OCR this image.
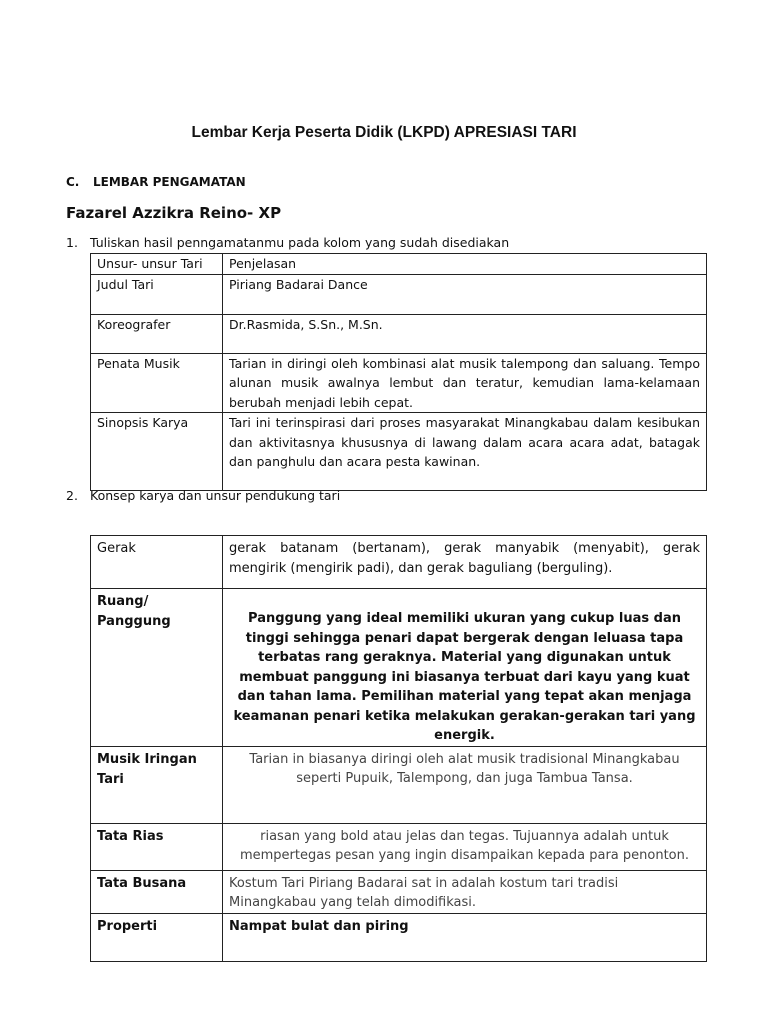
Lembar Kerja Peserta Didik (LKPD) APRESIASI TARI
C. LEMBAR PENGAMATAN
Fazarel Azzikra Reino- XP
1. Tuliskan hasil penngamatanmu pada kolom yang sudah disediakan
Unsur- unsur Tari	Penjelasan
Judul Tari	Piriang Badarai Dance
Koreografer	Dr.Rasmida, S.Sn., M.Sn.
Penata Musik	Tarian in diringi oleh kombinasi alat musik talempong dan saluang. Tempo alunan musik awalnya lembut dan teratur, kemudian lama-kelamaan berubah menjadi lebih cepat.
Sinopsis Karya	Tari ini terinspirasi dari proses masyarakat Minangkabau dalam kesibukan dan aktivitasnya khususnya di lawang dalam acara acara adat, batagak dan panghulu dan acara pesta kawinan.
2. Konsep karya dan unsur pendukung tari
Gerak	gerak batanam (bertanam), gerak manyabik (menyabit), gerak mengirik (mengirik padi), dan gerak baguliang (berguling).
Ruang/ Panggung	Panggung yang ideal memiliki ukuran yang cukup luas dan tinggi sehingga penari dapat bergerak dengan leluasa tapa terbatas rang geraknya. Material yang digunakan untuk membuat panggung ini biasanya terbuat dari kayu yang kuat dan tahan lama. Pemilihan material yang tepat akan menjaga keamanan penari ketika melakukan gerakan-gerakan tari yang energik.
Musik Iringan Tari	Tarian in biasanya diringi oleh alat musik tradisional Minangkabau seperti Pupuik, Talempong, dan juga Tambua Tansa.
Tata Rias	riasan yang bold atau jelas dan tegas. Tujuannya adalah untuk mempertegas pesan yang ingin disampaikan kepada para penonton.
Tata Busana	Kostum Tari Piriang Badarai sat in adalah kostum tari tradisi Minangkabau yang telah dimodifikasi.
Properti	Nampat bulat dan piring
